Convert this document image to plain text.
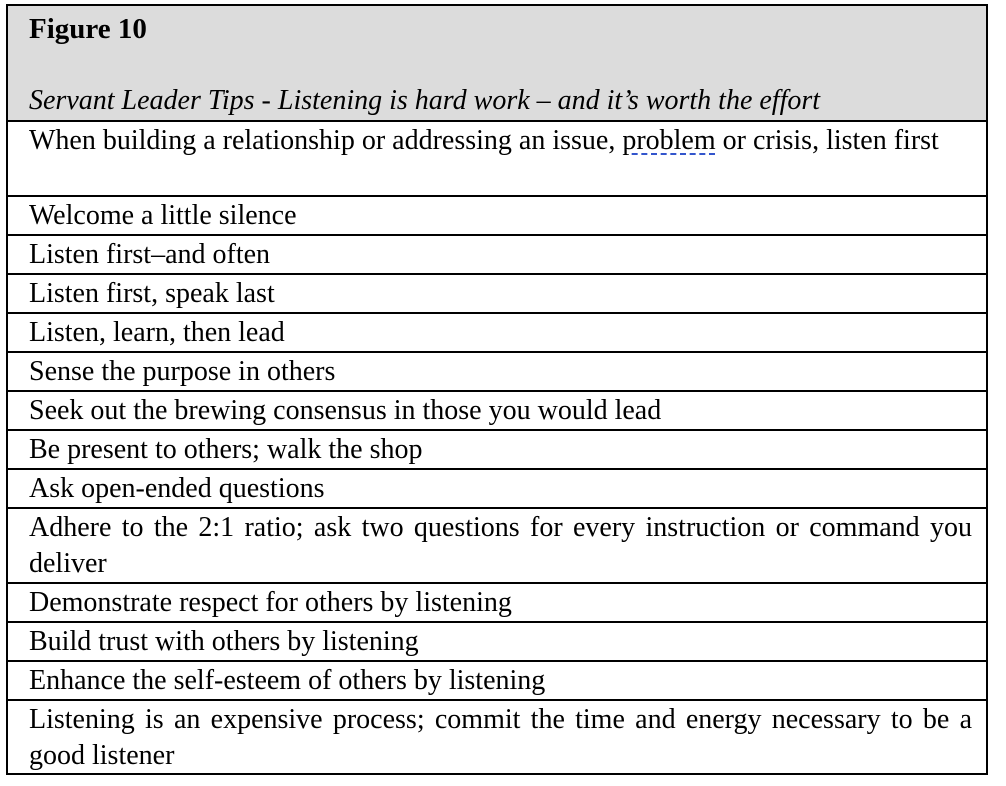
Figure 10
Servant Leader Tips - Listening is hard work – and it’s worth the effort
When building a relationship or addressing an issue, problem or crisis, listen first
Welcome a little silence
Listen first–and often
Listen first, speak last
Listen, learn, then lead
Sense the purpose in others
Seek out the brewing consensus in those you would lead
Be present to others; walk the shop
Ask open-ended questions
Adhere to the 2:1 ratio; ask two questions for every instruction or command you deliver
Demonstrate respect for others by listening
Build trust with others by listening
Enhance the self-esteem of others by listening
Listening is an expensive process; commit the time and energy necessary to be a good listener
